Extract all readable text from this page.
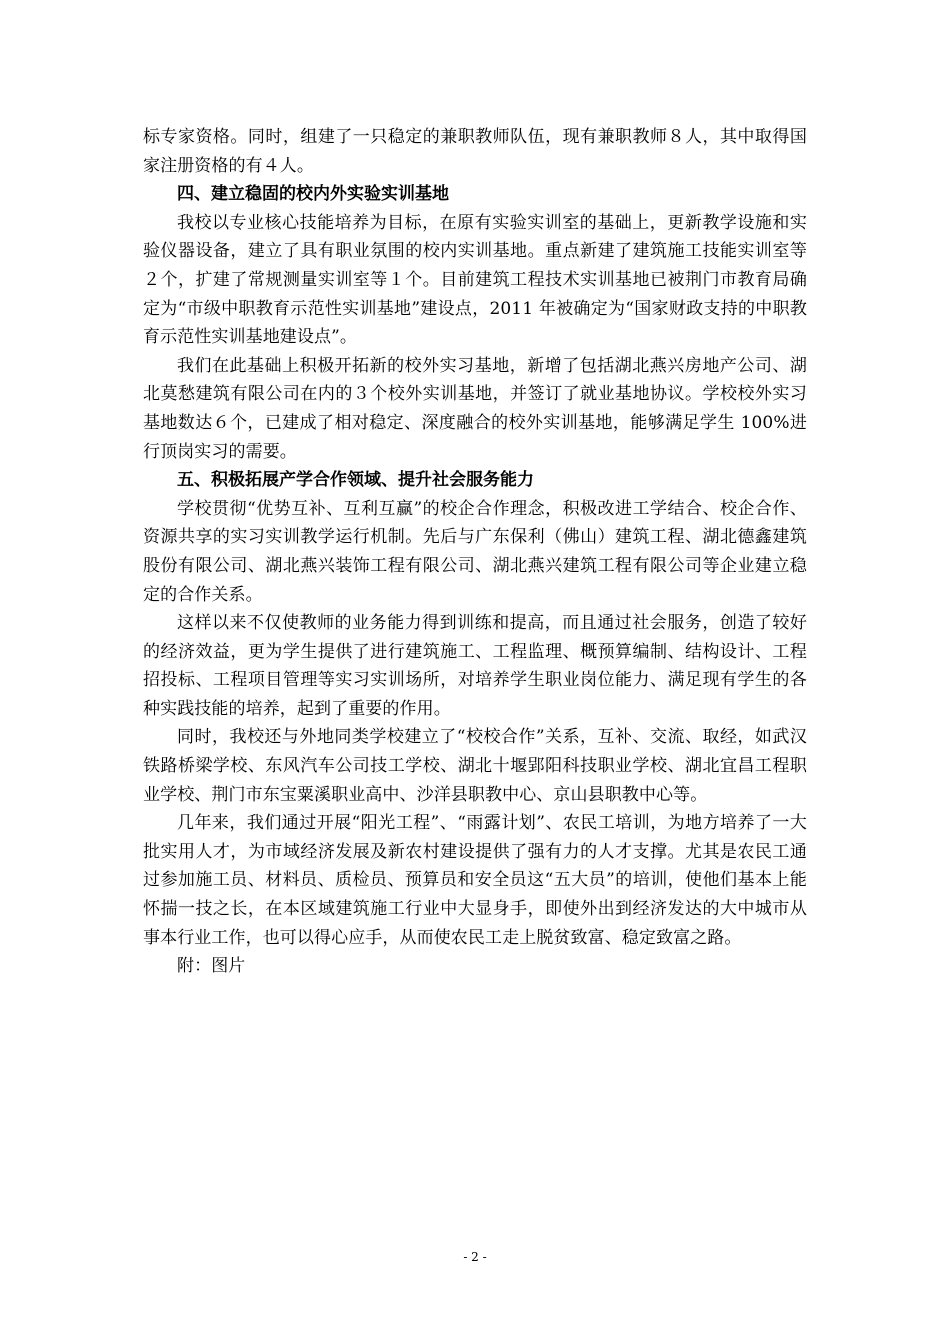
标专家资格。同时，组建了一只稳定的兼职教师队伍，现有兼职教师８人，其中取得国家注册资格的有４人。

四、建立稳固的校内外实验实训基地

我校以专业核心技能培养为目标，在原有实验实训室的基础上，更新教学设施和实验仪器设备，建立了具有职业氛围的校内实训基地。重点新建了建筑施工技能实训室等２个，扩建了常规测量实训室等１个。目前建筑工程技术实训基地已被荆门市教育局确定为“市级中职教育示范性实训基地”建设点，2011 年被确定为“国家财政支持的中职教育示范性实训基地建设点”。

我们在此基础上积极开拓新的校外实习基地，新增了包括湖北燕兴房地产公司、湖北莫愁建筑有限公司在内的３个校外实训基地，并签订了就业基地协议。学校校外实习基地数达６个，已建成了相对稳定、深度融合的校外实训基地，能够满足学生 100%进行顶岗实习的需要。

五、积极拓展产学合作领域、提升社会服务能力

学校贯彻“优势互补、互利互赢”的校企合作理念，积极改进工学结合、校企合作、资源共享的实习实训教学运行机制。先后与广东保利（佛山）建筑工程、湖北德鑫建筑股份有限公司、湖北燕兴装饰工程有限公司、湖北燕兴建筑工程有限公司等企业建立稳定的合作关系。

这样以来不仅使教师的业务能力得到训练和提高，而且通过社会服务，创造了较好的经济效益，更为学生提供了进行建筑施工、工程监理、概预算编制、结构设计、工程招投标、工程项目管理等实习实训场所，对培养学生职业岗位能力、满足现有学生的各种实践技能的培养，起到了重要的作用。

同时，我校还与外地同类学校建立了“校校合作”关系，互补、交流、取经，如武汉铁路桥梁学校、东风汽车公司技工学校、湖北十堰郢阳科技职业学校、湖北宜昌工程职业学校、荆门市东宝粟溪职业高中、沙洋县职教中心、京山县职教中心等。

几年来，我们通过开展“阳光工程”、“雨露计划”、农民工培训，为地方培养了一大批实用人才，为市域经济发展及新农村建设提供了强有力的人才支撑。尤其是农民工通过参加施工员、材料员、质检员、预算员和安全员这“五大员”的培训，使他们基本上能怀揣一技之长，在本区域建筑施工行业中大显身手，即使外出到经济发达的大中城市从事本行业工作，也可以得心应手，从而使农民工走上脱贫致富、稳定致富之路。

附：图片

- 2 -
